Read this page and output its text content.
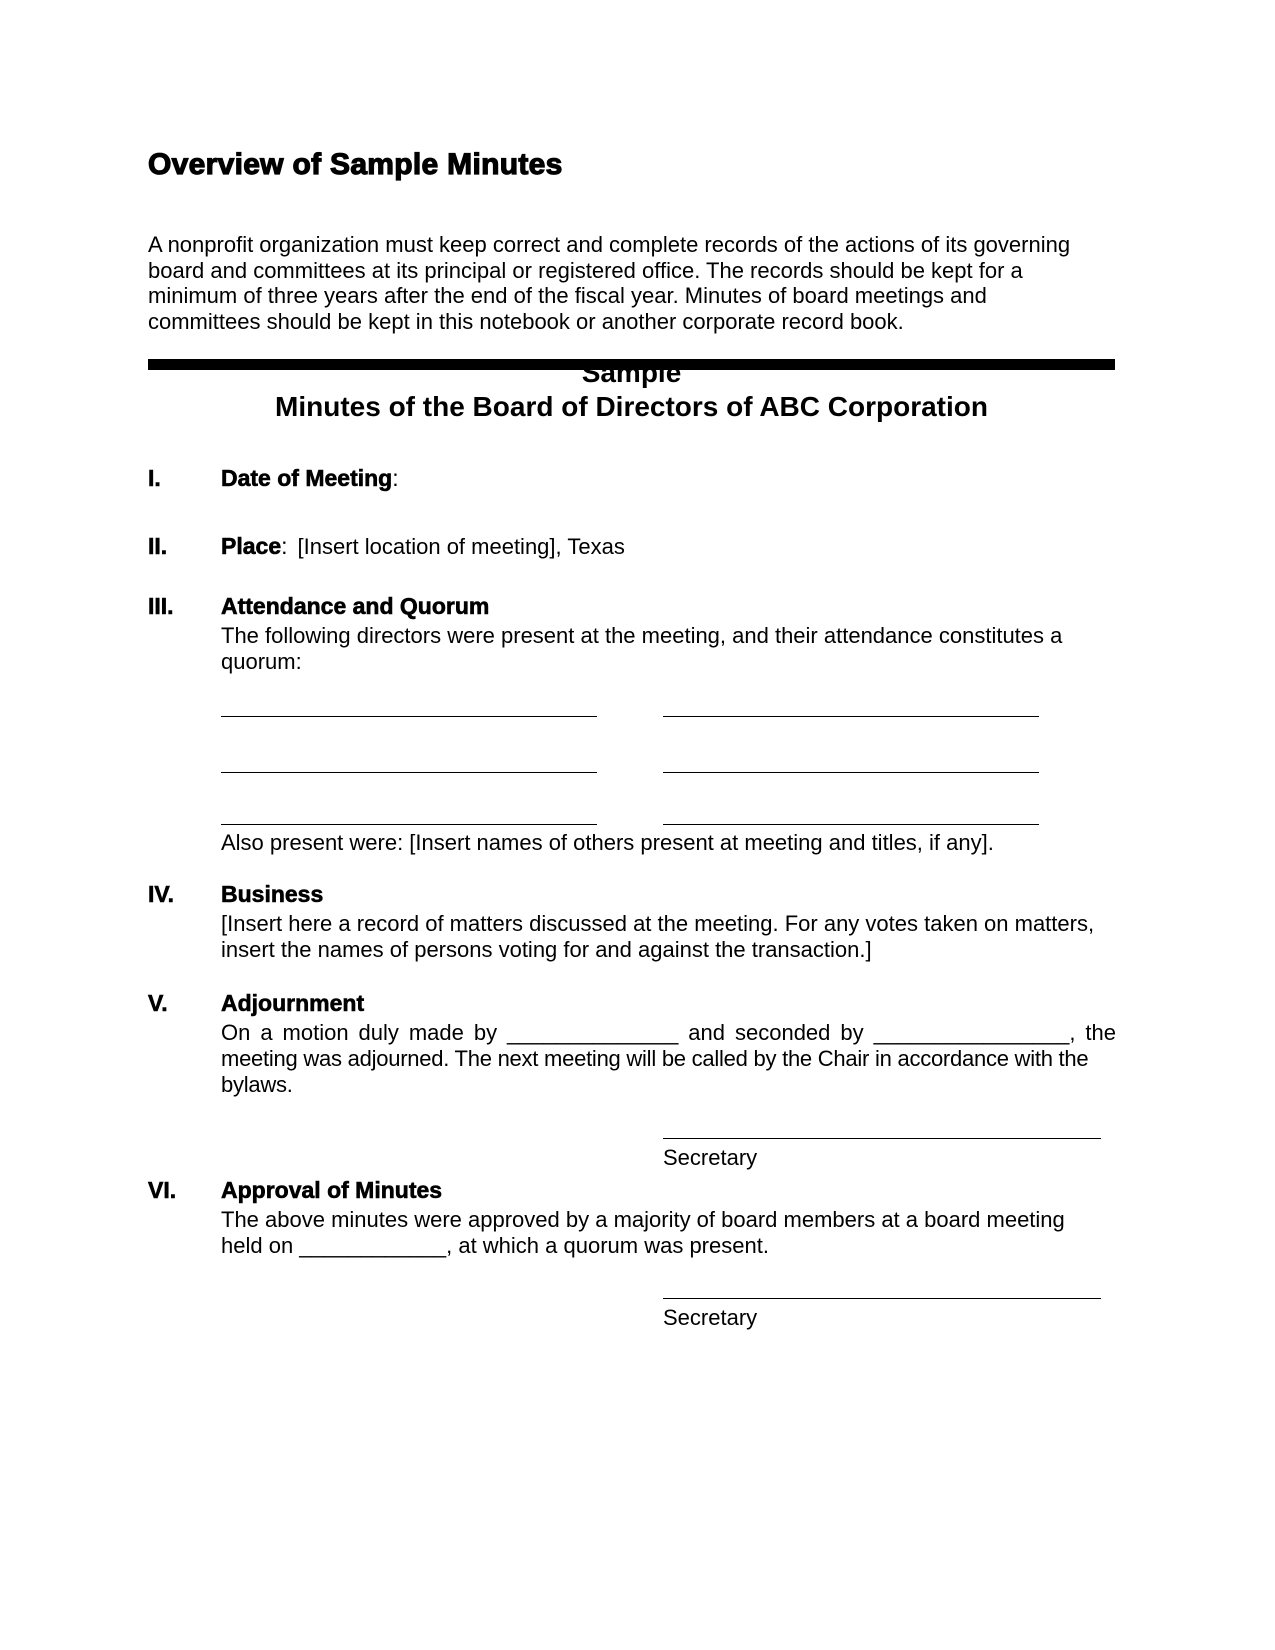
Overview of Sample Minutes

A nonprofit organization must keep correct and complete records of the actions of its governing board and committees at its principal or registered office. The records should be kept for a minimum of three years after the end of the fiscal year. Minutes of board meetings and committees should be kept in this notebook or another corporate record book.

Sample
Minutes of the Board of Directors of ABC Corporation
I.	Date of Meeting:
II. Place: [Insert location of meeting], Texas
III. Attendance and Quorum

The following directors were present at the meeting, and their attendance constitutes a quorum:

Also present were: [Insert names of others present at meeting and titles, if any].

IV. Business

[Insert here a record of matters discussed at the meeting. For any votes taken on matters, insert the names of persons voting for and against the transaction.]

V. Adjournment

On a motion duly made by ______________ and seconded by ________________, the

meeting was adjourned. The next meeting will be called by the Chair in accordance with the bylaws.

Secretary
VI. Approval of Minutes

The above minutes were approved by a majority of board members at a board meeting held on ____________, at which a quorum was present.

Secretary
